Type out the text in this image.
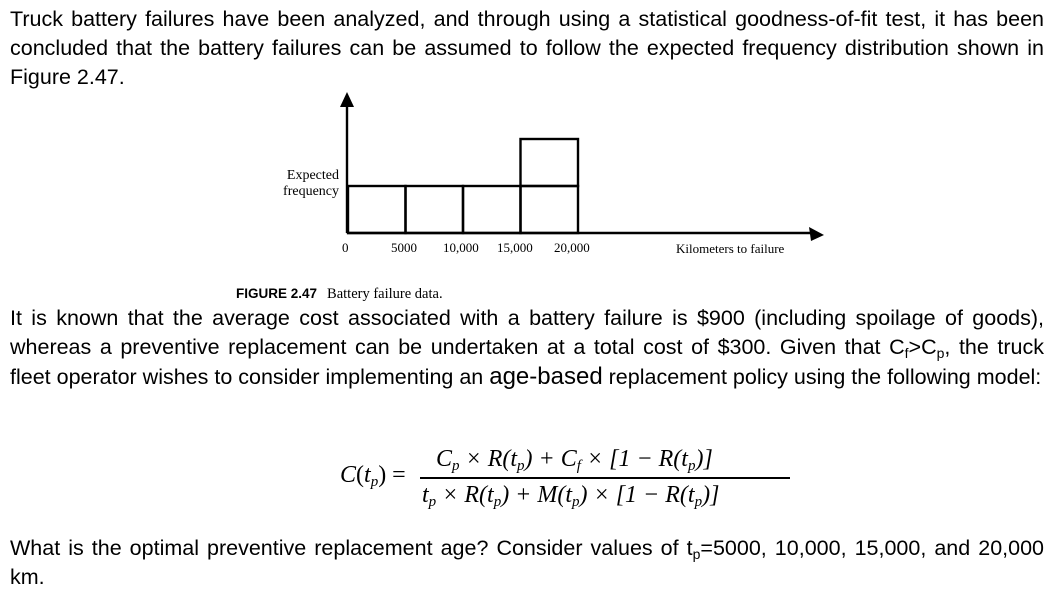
Truck battery failures have been analyzed, and through using a statistical goodness-of-fit test, it has been concluded that the battery failures can be assumed to follow the expected frequency distribution shown in Figure 2.47.

Expected
frequency
0	5000 10,000 15,000 20,000	Kilometers to failure
FIGURE 2.47 Battery failure data.

It is known that the average cost associated with a battery failure is $900 (including spoilage of goods), whereas a preventive replacement can be undertaken at a total cost of $300. Given that $C_f>C_p$, the truck fleet operator wishes to consider implementing an age-based replacement policy using the following model:

$C(t_p)$ =
$C_p \times R(t_p) + C_f \times [1 - R(t_p)]$
$t_p \times R(t_p) + M(t_p) \times [1 - R(t_p)]$

What is the optimal preventive replacement age? Consider values of $t_p=5000$, 10,000, 15,000, and 20,000 km.
